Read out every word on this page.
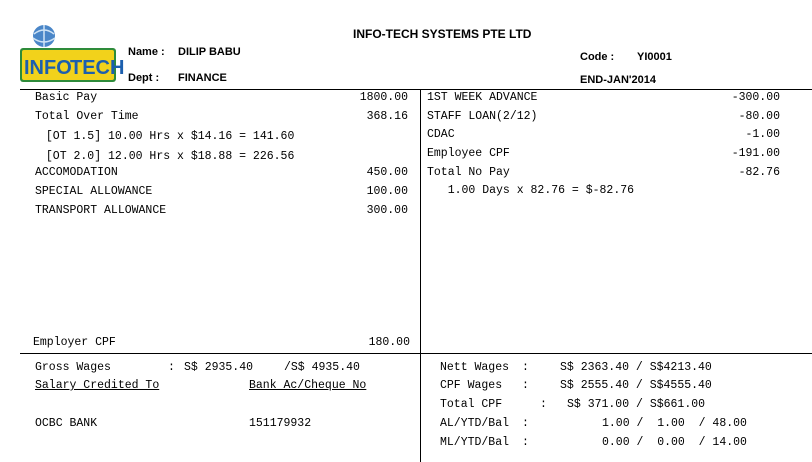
INFO
TECH
INFO-TECH SYSTEMS PTE LTD
Name : DILIP BABU
Dept : FINANCE
Code : YI0001
END-JAN'2014
Basic Pay	1800.00
Total Over Time	368.16
[OT 1.5] 10.00 Hrs x $14.16 = 141.60
[OT 2.0] 12.00 Hrs x $18.88 = 226.56
ACCOMODATION	450.00
SPECIAL ALLOWANCE	100.00
TRANSPORT ALLOWANCE	300.00
Employer CPF	180.00
1ST WEEK ADVANCE	-300.00
STAFF LOAN(2/12)	-80.00
CDAC	-1.00
Employee CPF	-191.00
Total No Pay	-82.76
1.00 Days x 82.76 = $-82.76
Gross Wages	: S$ 2935.40	/S$ 4935.40
Salary Credited To	Bank Ac/Cheque No
OCBC BANK	151179932
Nett Wages :	S$ 2363.40 / S$4213.40
CPF Wages :	S$ 2555.40 / S$4555.40
Total CPF	: S$ 371.00 / S$661.00
AL/YTD/Bal :	1.00 /  1.00  / 48.00
ML/YTD/Bal :	0.00 /  0.00  / 14.00
